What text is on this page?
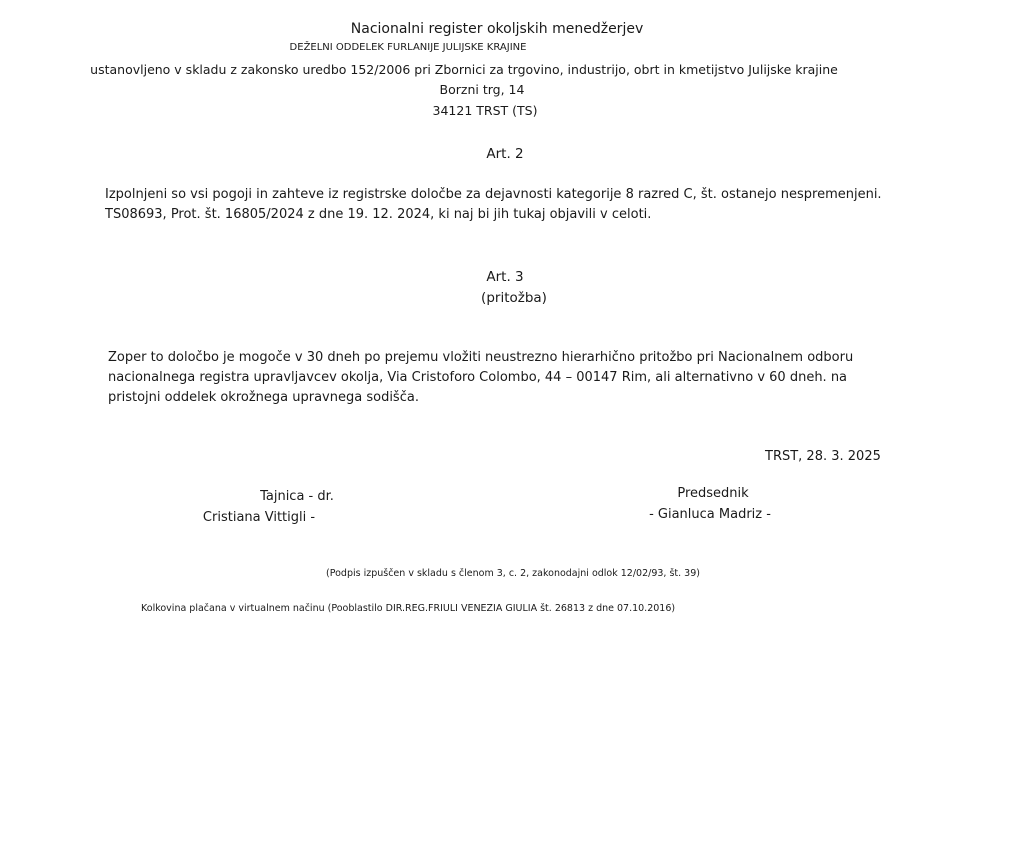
Nacionalni register okoljskih menedžerjev
DEŽELNI ODDELEK FURLANIJE JULIJSKE KRAJINE
ustanovljeno v skladu z zakonsko uredbo 152/2006 pri Zbornici za trgovino, industrijo, obrt in kmetijstvo Julijske krajine
Borzni trg, 14
34121 TRST (TS)
Art. 2
Izpolnjeni so vsi pogoji in zahteve iz registrske določbe za dejavnosti kategorije 8 razred C, št. ostanejo nespremenjeni. TS08693, Prot. št. 16805/2024 z dne 19. 12. 2024, ki naj bi jih tukaj objavili v celoti.
Art. 3
(pritožba)
Zoper to določbo je mogoče v 30 dneh po prejemu vložiti neustrezno hierarhično pritožbo pri Nacionalnem odboru nacionalnega registra upravljavcev okolja, Via Cristoforo Colombo, 44 – 00147 Rim, ali alternativno v 60 dneh. na pristojni oddelek okrožnega upravnega sodišča.
TRST, 28. 3. 2025
Tajnica - dr.
Cristiana Vittigli -
Predsednik
- Gianluca Madriz -
(Podpis izpuščen v skladu s členom 3, c. 2, zakonodajni odlok 12/02/93, št. 39)
Kolkovina plačana v virtualnem načinu (Pooblastilo DIR.REG.FRIULI VENEZIA GIULIA št. 26813 z dne 07.10.2016)
